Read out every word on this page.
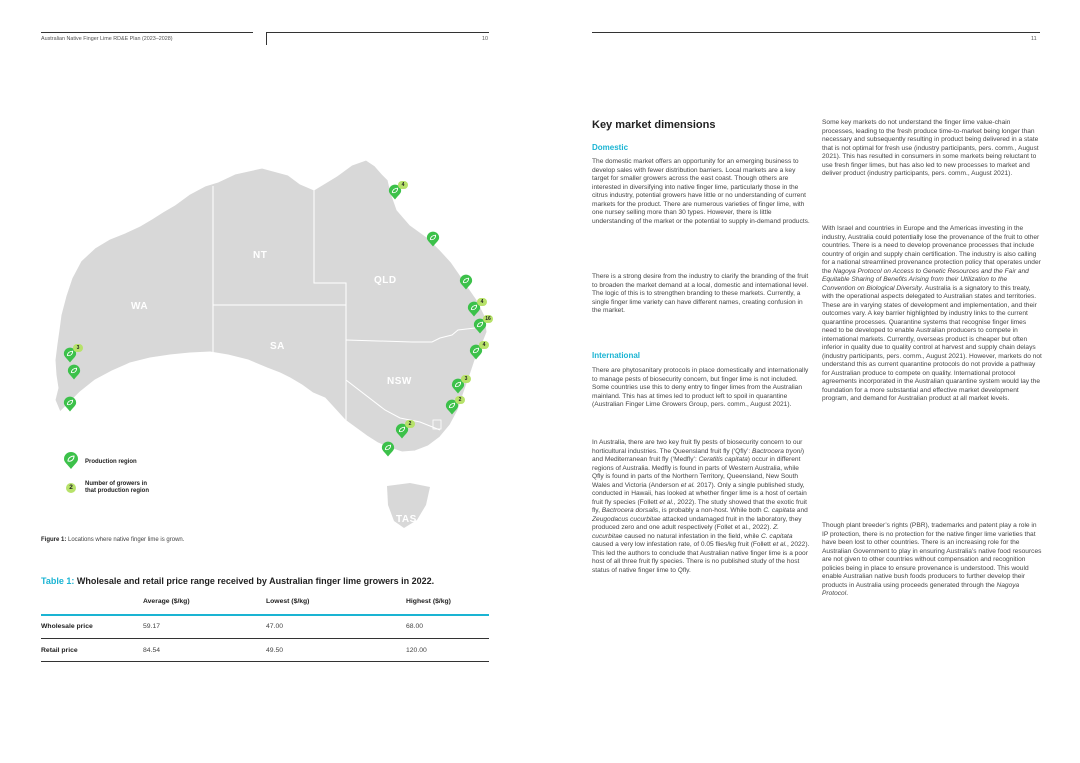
Australian Native Finger Lime RD&E Plan (2023–2028)	10
WA
NT
QLD
SA
NSW
TAS
4
4
16
4
3
2
2
3
Production region
2	Number of growers in
that production region
Figure 1: Locations where native finger lime is grown.
Table 1: Wholesale and retail price range received by Australian finger lime growers in 2022.
Average ($/kg)	Lowest ($/kg)	Highest ($/kg)
Wholesale price	59.17	47.00	68.00
Retail price	84.54	49.50	120.00
11
Key market dimensions
Domestic

The domestic market offers an opportunity for an emerging business to develop sales with fewer distribution barriers. Local markets are a key target for smaller growers across the east coast. Though others are interested in diversifying into native finger lime, particularly those in the citrus industry, potential growers have little or no understanding of current markets for the product. There are numerous varieties of finger lime, with one nursey selling more than 30 types. However, there is little understanding of the market or the potential to supply in-demand products.

There is a strong desire from the industry to clarify the branding of the fruit to broaden the market demand at a local, domestic and international level. The logic of this is to strengthen branding to these markets. Currently, a single finger lime variety can have different names, creating confusion in the market.

International

There are phytosanitary protocols in place domestically and internationally to manage pests of biosecurity concern, but finger lime is not included. Some countries use this to deny entry to finger limes from the Australian mainland. This has at times led to product left to spoil in quarantine (Australian Finger Lime Growers Group, pers. comm., August 2021).

In Australia, there are two key fruit fly pests of biosecurity concern to our horticultural industries. The Queensland fruit fly (‘Qfly’: Bactrocera tryoni) and Mediterranean fruit fly (‘Medfly’: Ceratitis capitata) occur in different regions of Australia. Medfly is found in parts of Western Australia, while Qfly is found in parts of the Northern Territory, Queensland, New South Wales and Victoria (Anderson et al. 2017). Only a single published study, conducted in Hawaii, has looked at whether finger lime is a host of certain fruit fly species (Follett et al., 2022). The study showed that the exotic fruit fly, Bactrocera dorsalis, is probably a non-host. While both C. capitata and Zeugodacus cucurbitae attacked undamaged fruit in the laboratory, they produced zero and one adult respectively (Follet et al., 2022). Z. cucurbitae caused no natural infestation in the field, while C. capitata caused a very low infestation rate, of 0.05 flies/kg fruit (Follett et al., 2022). This led the authors to conclude that Australian native finger lime is a poor host of all three fruit fly species. There is no published study of the host status of native finger lime to Qfly.

Some key markets do not understand the finger lime value-chain processes, leading to the fresh produce time-to-market being longer than necessary and subsequently resulting in product being delivered in a state that is not optimal for fresh use (industry participants, pers. comm., August 2021). This has resulted in consumers in some markets being reluctant to use fresh finger limes, but has also led to new processes to market and deliver product (industry participants, pers. comm., August 2021).

With Israel and countries in Europe and the Americas investing in the industry, Australia could potentially lose the provenance of the fruit to other countries. There is a need to develop provenance processes that include country of origin and supply chain certification. The industry is also calling for a national streamlined provenance protection policy that operates under the Nagoya Protocol on Access to Genetic Resources and the Fair and Equitable Sharing of Benefits Arising from their Utilization to the Convention on Biological Diversity. Australia is a signatory to this treaty, with the operational aspects delegated to Australian states and territories. These are in varying states of development and implementation, and their outcomes vary. A key barrier highlighted by industry links to the current quarantine processes. Quarantine systems that recognise finger limes need to be developed to enable Australian producers to compete in international markets. Currently, overseas product is cheaper but often inferior in quality due to quality control at harvest and supply chain delays (industry participants, pers. comm., August 2021). However, markets do not understand this as current quarantine protocols do not provide a pathway for Australian produce to compete on quality. International protocol agreements incorporated in the Australian quarantine system would lay the foundation for a more substantial and effective market development program, and demand for Australian product at all market levels.

Though plant breeder’s rights (PBR), trademarks and patent play a role in IP protection, there is no protection for the native finger lime varieties that have been lost to other countries. There is an increasing role for the Australian Government to play in ensuring Australia’s native food resources are not given to other countries without compensation and recognition policies being in place to ensure provenance is understood. This would enable Australian native bush foods producers to further develop their products in Australia using proceeds generated through the Nagoya Protocol.
